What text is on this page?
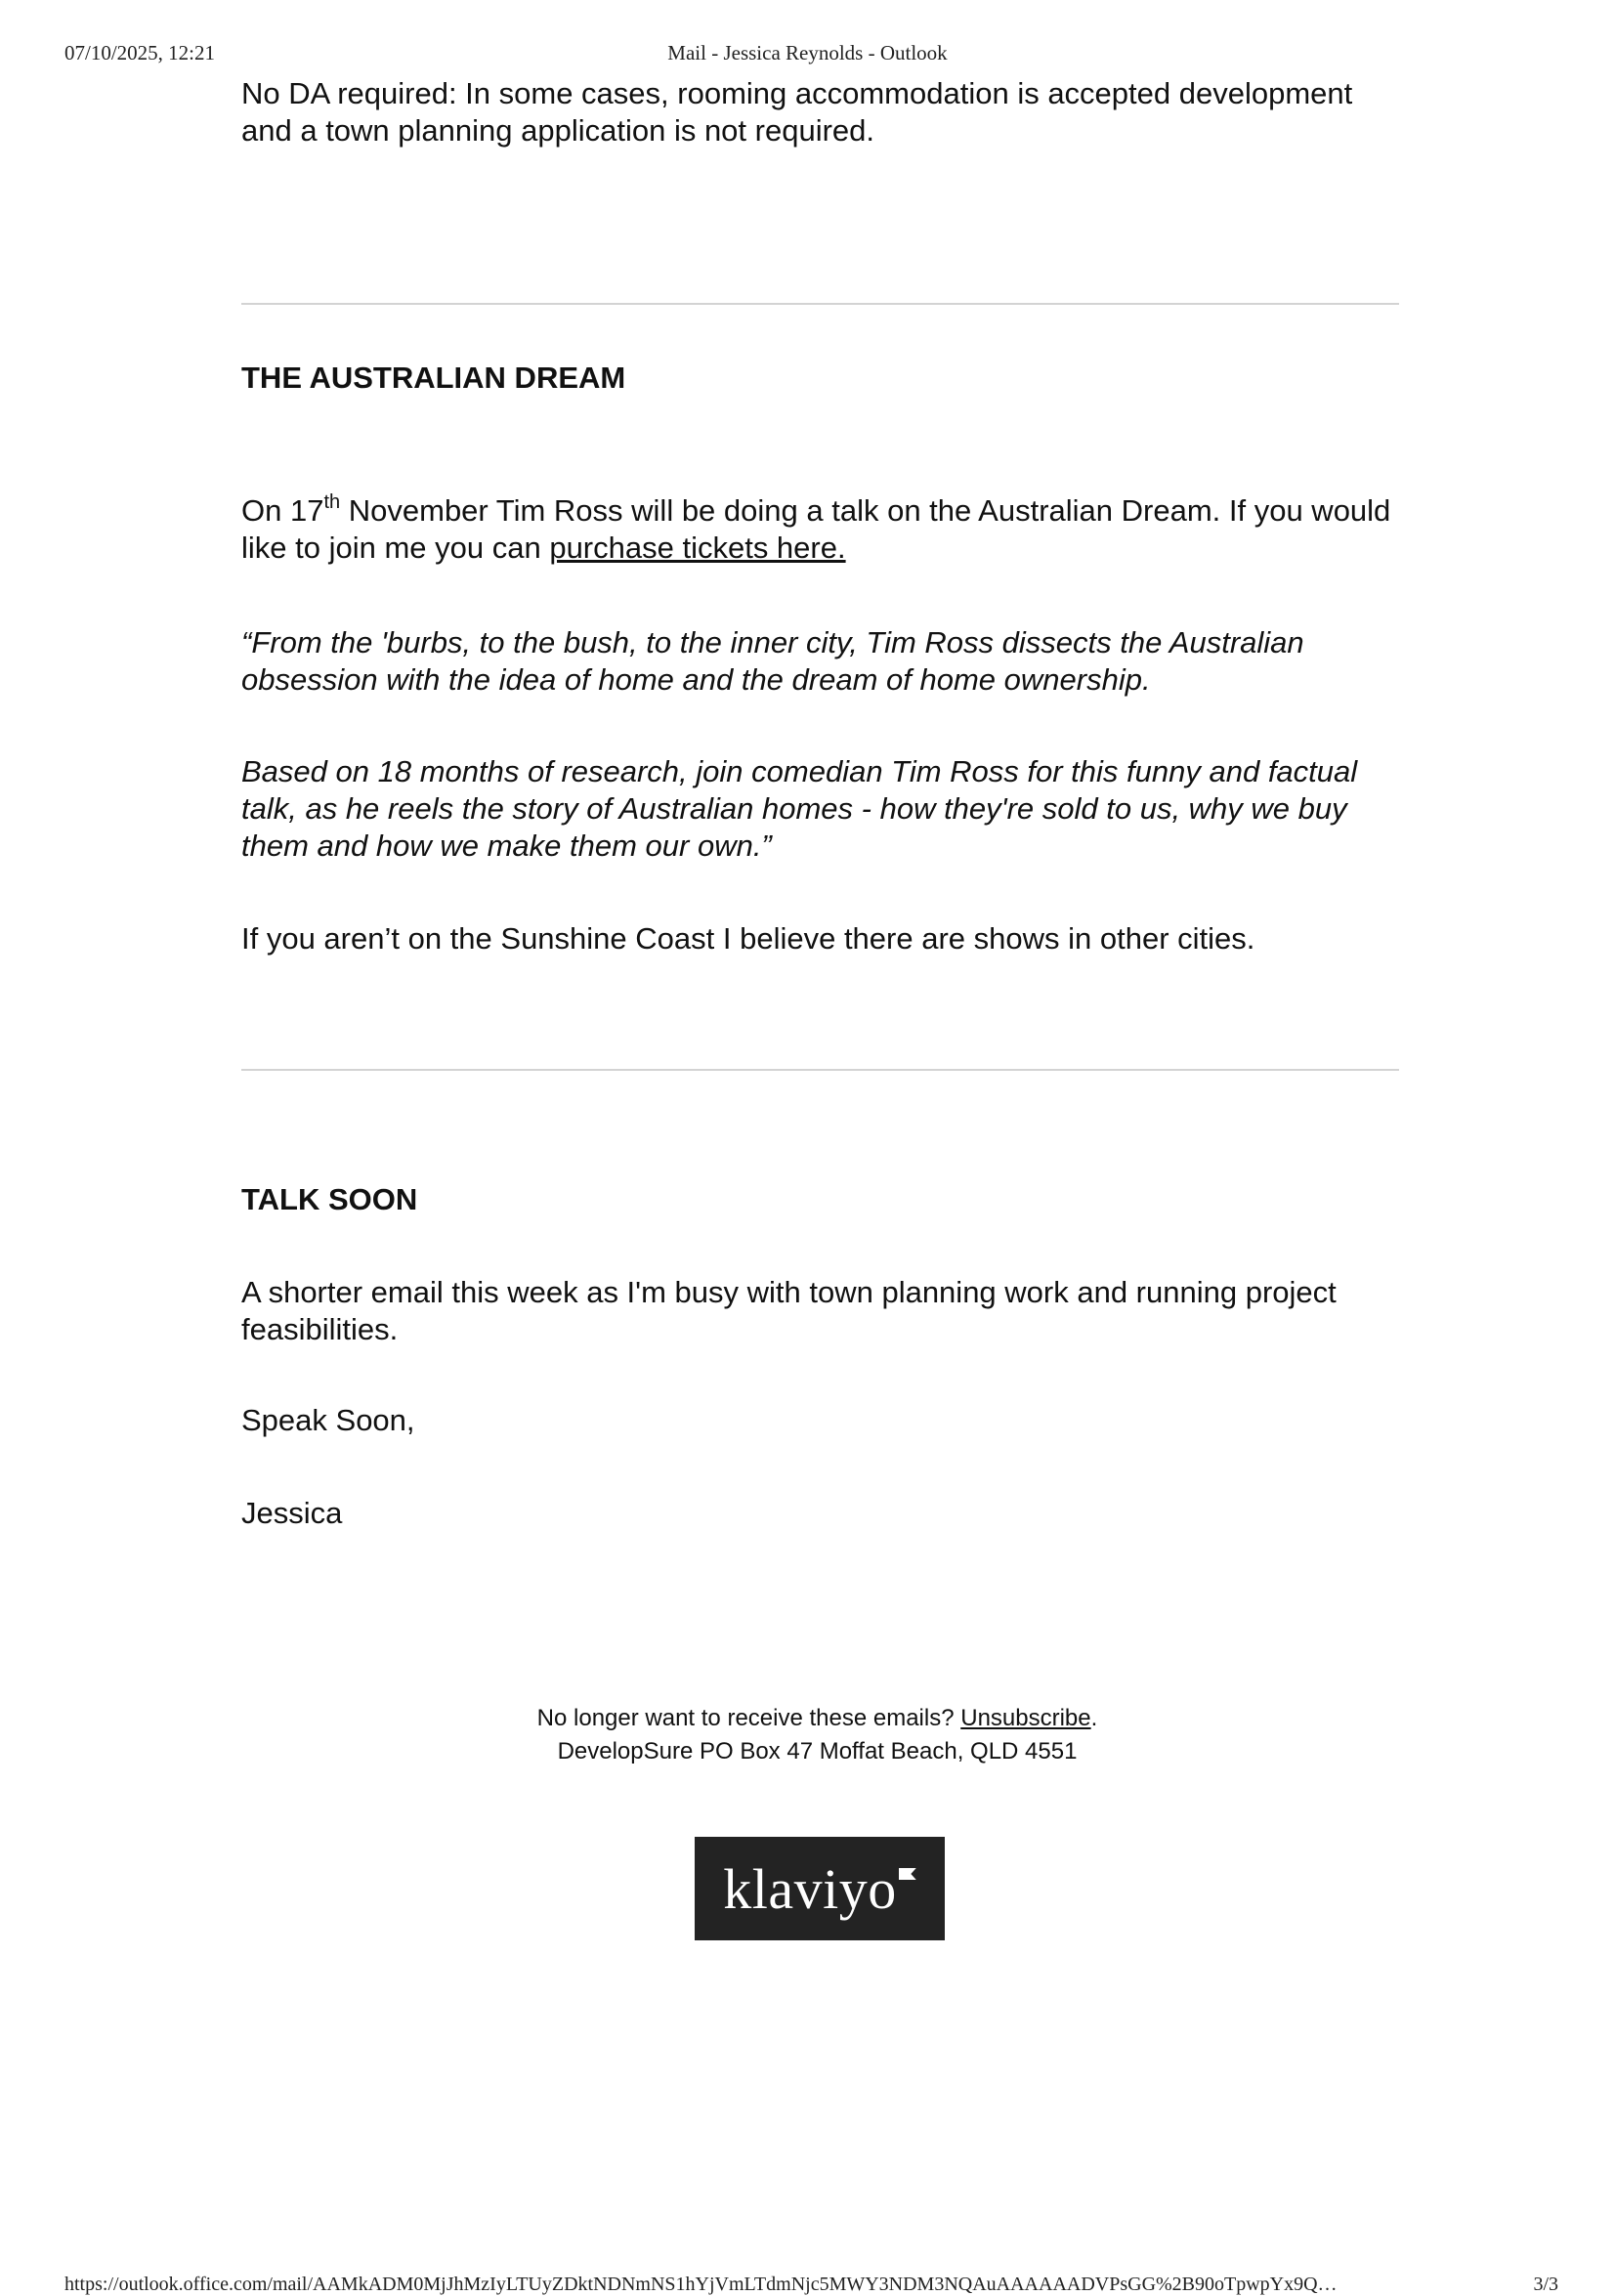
07/10/2025, 12:21	Mail - Jessica Reynolds - Outlook

No DA required: In some cases, rooming accommodation is accepted development and a town planning application is not required.

THE AUSTRALIAN DREAM

On 17th November Tim Ross will be doing a talk on the Australian Dream. If you would like to join me you can purchase tickets here.

“From the 'burbs, to the bush, to the inner city, Tim Ross dissects the Australian obsession with the idea of home and the dream of home ownership.

Based on 18 months of research, join comedian Tim Ross for this funny and factual talk, as he reels the story of Australian homes - how they're sold to us, why we buy them and how we make them our own.”

If you aren’t on the Sunshine Coast I believe there are shows in other cities.

TALK SOON

A shorter email this week as I'm busy with town planning work and running project feasibilities.

Speak Soon,

Jessica

No longer want to receive these emails? Unsubscribe.
DevelopSure PO Box 47 Moffat Beach, QLD 4551
klaviyo
https://outlook.office.com/mail/AAMkADM0MjJhMzIyLTUyZDktNDNmNS1hYjVmLTdmNjc5MWY3NDM3NQAuAAAAAADVPsGG%2B90oTpwpYx9Q…	3/3
